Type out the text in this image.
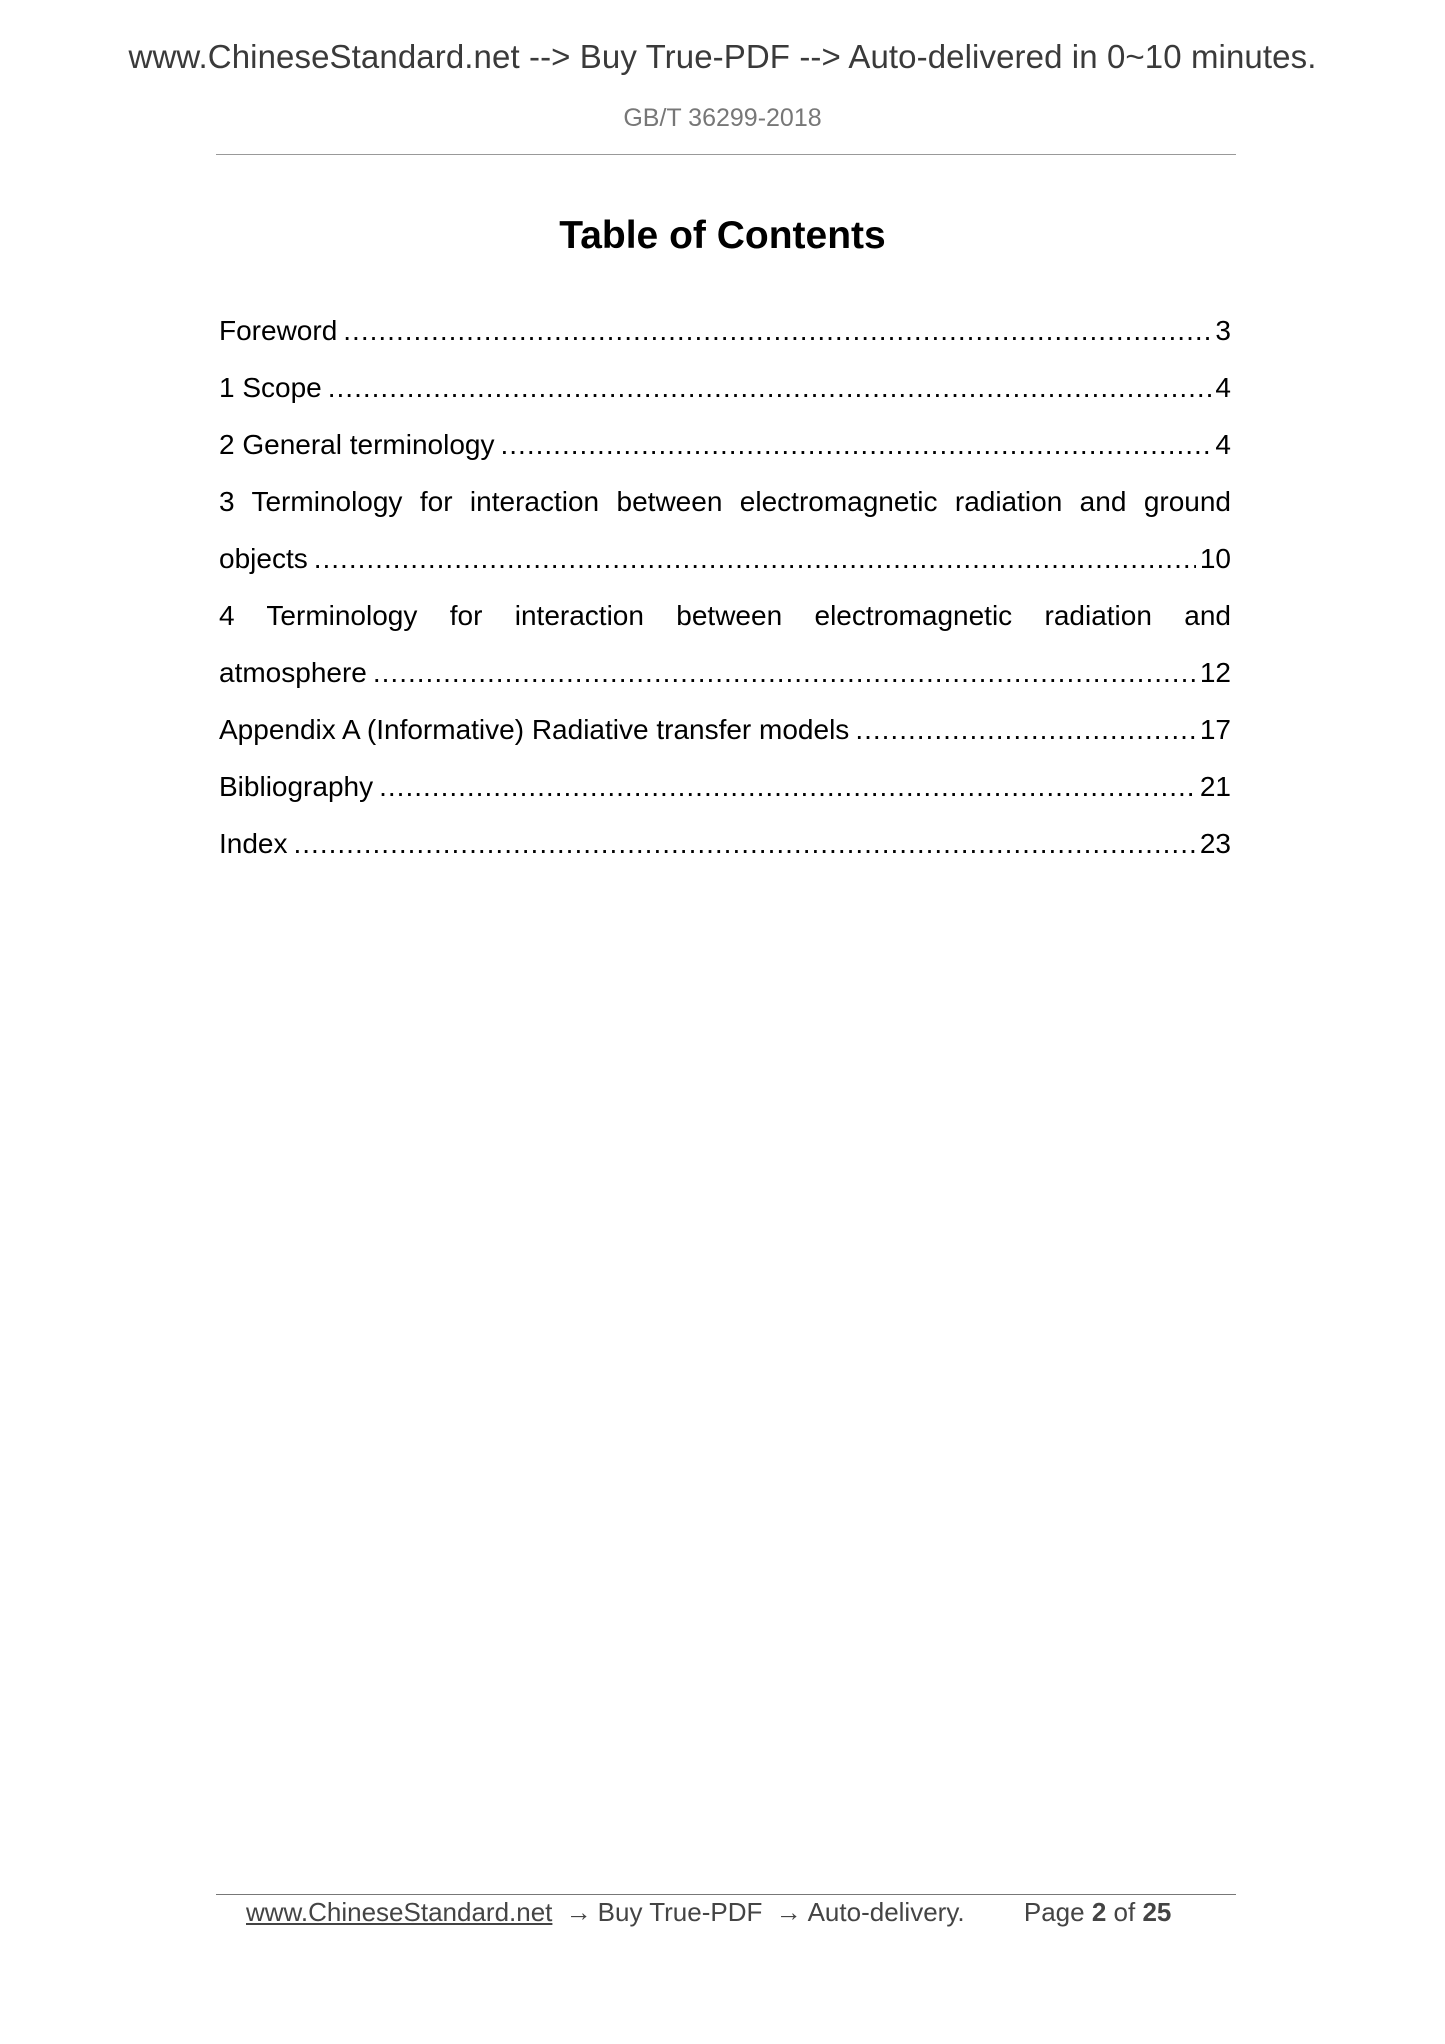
www.ChineseStandard.net --> Buy True-PDF --> Auto-delivered in 0~10 minutes.
GB/T 36299-2018
Table of Contents
Foreword .....	3
1 Scope .....	4
2 General terminology .....	4
3 Terminology for interaction between electromagnetic radiation and ground
objects .....	10
4 Terminology for interaction between electromagnetic radiation and
atmosphere .....	12
Appendix A (Informative) Radiative transfer models .....	17
Bibliography .....	21
Index .....	23
www.ChineseStandard.net → Buy True-PDF → Auto-delivery. Page 2 of 25
